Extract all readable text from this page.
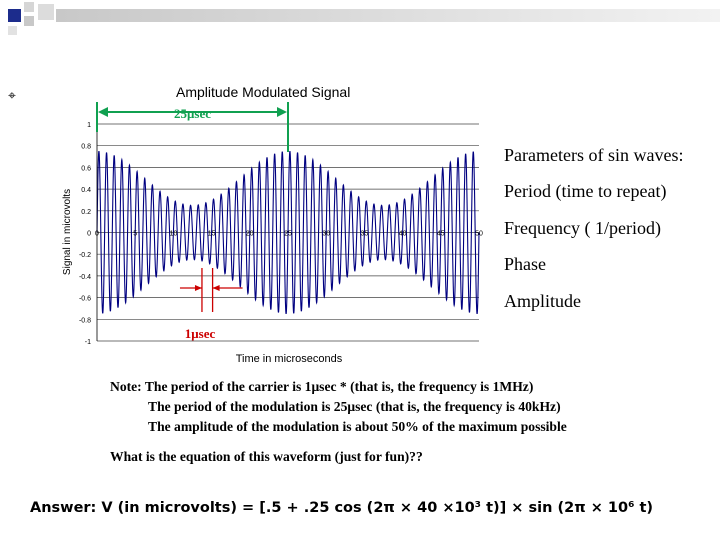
⌖	Amplitude Modulated Signal
1
0.8
0.6
0.4
0.2
0
-0.2
-0.4
-0.6
-0.8
-1
0	5	10	15	20	25	30	35	40	45	50
25μsec
1μsec
Signal in microvolts
Time in microseconds
Parameters of sin waves:
Period (time to repeat)
Frequency ( 1/period)
Phase
Amplitude
Note: The period of the carrier is 1μsec * (that is, the frequency is 1MHz)
The period of the modulation is 25μsec (that is, the frequency is 40kHz)
The amplitude of the modulation is about 50% of the maximum possible
What is the equation of this waveform (just for fun)??
Answer: V (in microvolts) = [.5 + .25 cos (2π × 40 ×10³ t)] × sin (2π × 10⁶ t)
